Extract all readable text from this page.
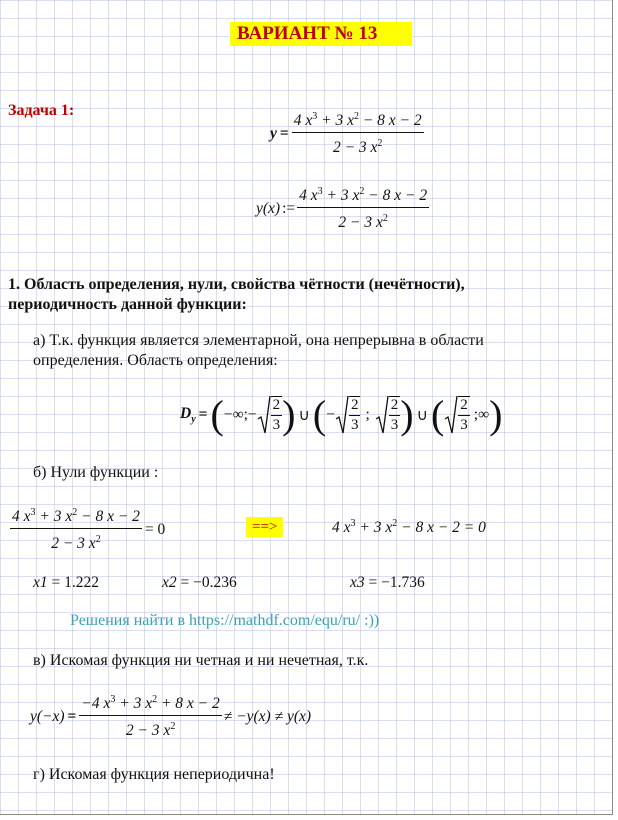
ВАРИАНТ № 13
Задача 1:
$y = \frac{4 x^3 + 3 x^2 - 8 x - 2}{2 - 3 x^2}$
y(x) := $\frac{4 x^3 + 3 x^2 - 8 x - 2}{2 - 3 x^2}$
1. Область определения, нули, свойства чётности (нечётности),
периодичность данной функции:
а) Т.к. функция является элементарной, она непрерывна в области
определения. Область определения:
$D_y$ = ( −∞;− $\frac{2}{3}$ ) ∪ ( − $\frac{2}{3}$ ; $\frac{2}{3}$ ) ∪ ( $\frac{2}{3}$ ;∞ )
б) Нули функции :
$\frac{4 x^3 + 3 x^2 - 8 x - 2}{2 - 3 x^2} = 0$	==>	4 $x^3 + 3$ $x^2 - 8$ x − 2 = 0
x1 = 1.222	x2 = −0.236	x3 = −1.736
Решения найти в https://mathdf.com/equ/ru/ :))
в) Искомая функция ни четная и ни нечетная, т.к.
$y(-x) = \frac{-4 x^3 + 3 x^2 + 8 x - 2}{2 - 3 x^2} \ne -y(x) \ne y(x)$
г) Искомая функция непериодична!
